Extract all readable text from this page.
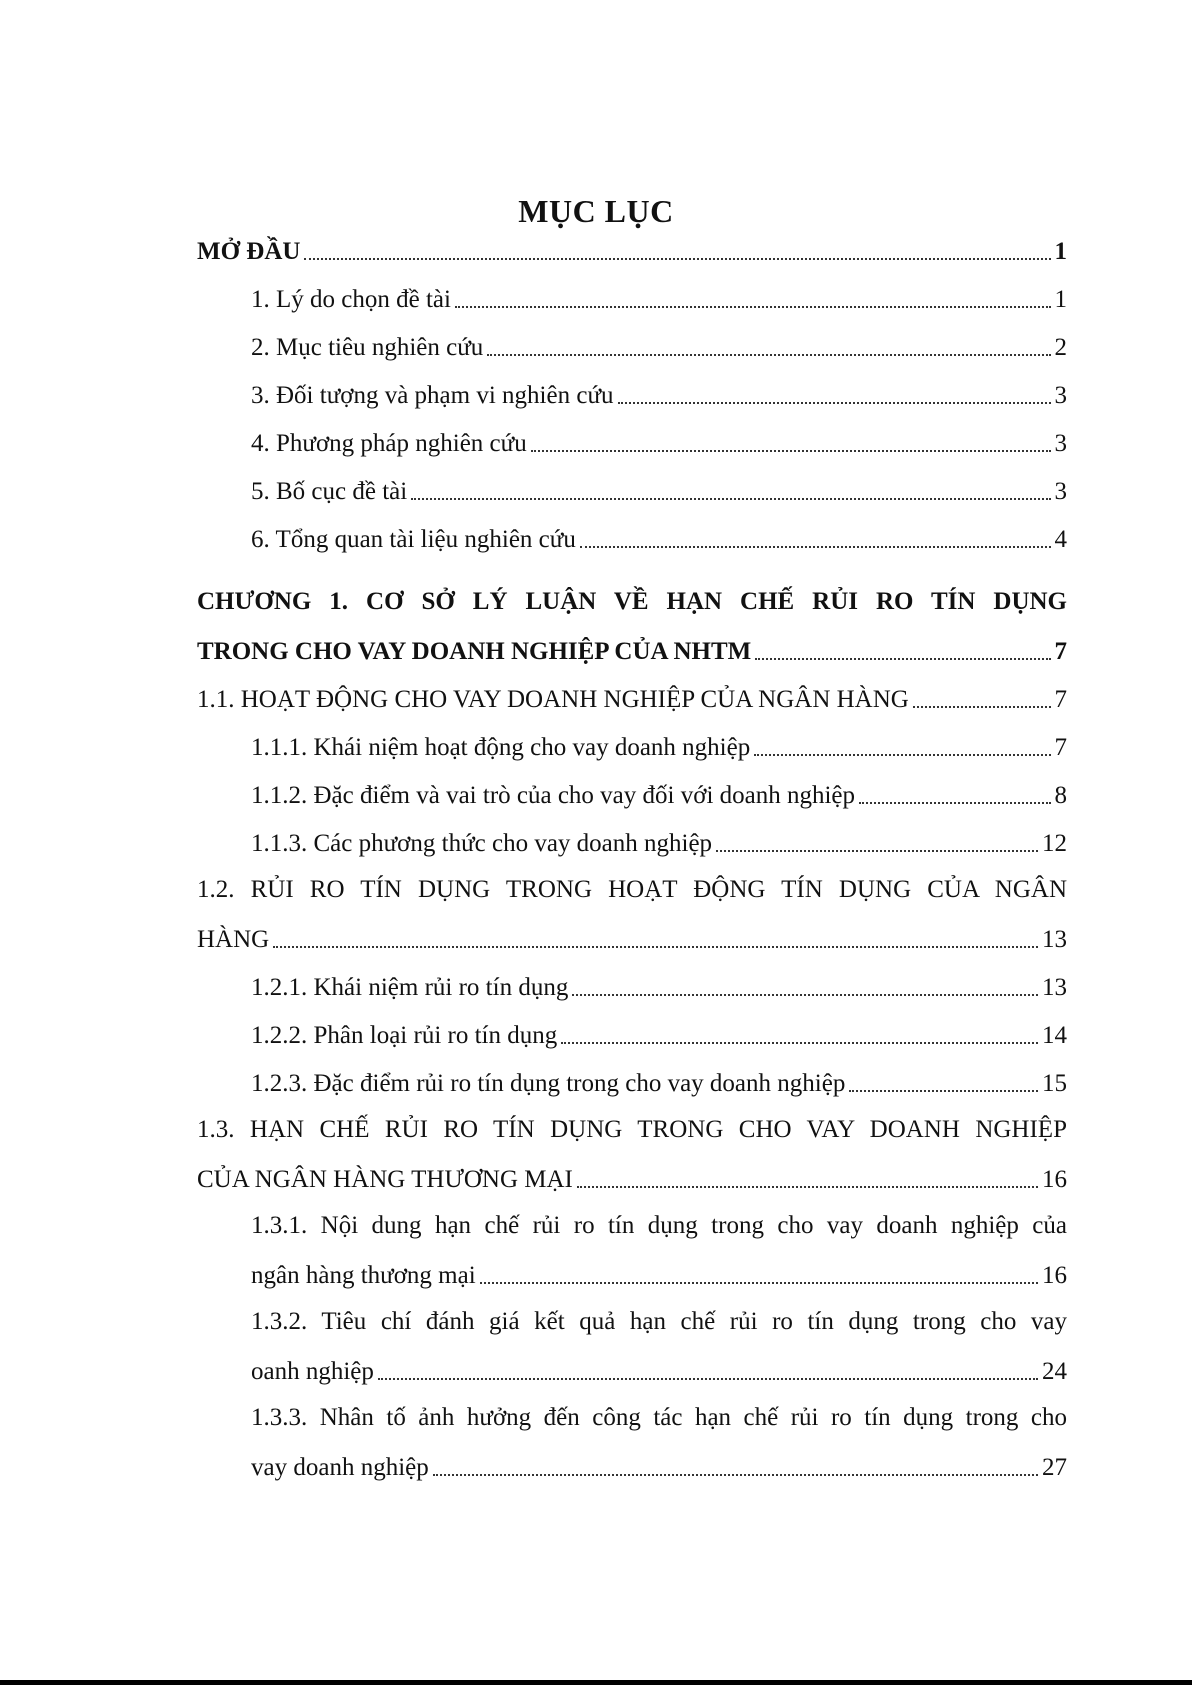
MỤC LỤC
MỞ ĐẦU	1
1. Lý do chọn đề tài	1
2. Mục tiêu nghiên cứu	2
3. Đối tượng và phạm vi nghiên cứu	3
4. Phương pháp nghiên cứu	3
5. Bố cục đề tài	3
6. Tổng quan tài liệu nghiên cứu	4
CHƯƠNG 1. CƠ SỞ LÝ LUẬN VỀ HẠN CHẾ RỦI RO TÍN DỤNG
TRONG CHO VAY DOANH NGHIỆP CỦA NHTM	7
1.1. HOẠT ĐỘNG CHO VAY DOANH NGHIỆP CỦA NGÂN HÀNG	7
1.1.1. Khái niệm hoạt động cho vay doanh nghiệp	7
1.1.2. Đặc điểm và vai trò của cho vay đối với doanh nghiệp	8
1.1.3. Các phương thức cho vay doanh nghiệp	12
1.2. RỦI RO TÍN DỤNG TRONG HOẠT ĐỘNG TÍN DỤNG CỦA NGÂN
HÀNG	13
1.2.1. Khái niệm rủi ro tín dụng	13
1.2.2. Phân loại rủi ro tín dụng	14
1.2.3. Đặc điểm rủi ro tín dụng trong cho vay doanh nghiệp	15
1.3. HẠN CHẾ RỦI RO TÍN DỤNG TRONG CHO VAY DOANH NGHIỆP
CỦA NGÂN HÀNG THƯƠNG MẠI	16
1.3.1. Nội dung hạn chế rủi ro tín dụng trong cho vay doanh nghiệp của
ngân hàng thương mại	16
1.3.2. Tiêu chí đánh giá kết quả hạn chế rủi ro tín dụng trong cho vay
oanh nghiệp	24
1.3.3. Nhân tố ảnh hưởng đến công tác hạn chế rủi ro tín dụng trong cho
vay doanh nghiệp	27
